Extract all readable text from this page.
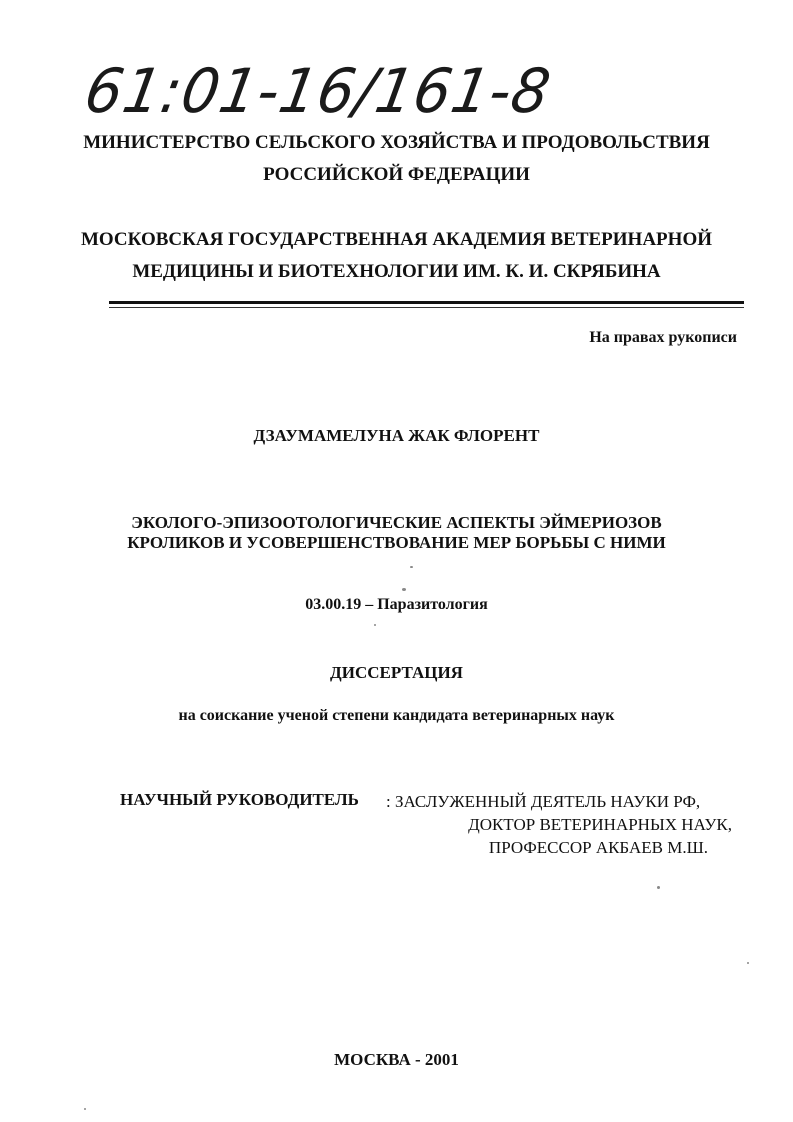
61:01-16/161-8
МИНИСТЕРСТВО СЕЛЬСКОГО ХОЗЯЙСТВА И ПРОДОВОЛЬСТВИЯ
РОССИЙСКОЙ ФЕДЕРАЦИИ
МОСКОВСКАЯ ГОСУДАРСТВЕННАЯ АКАДЕМИЯ ВЕТЕРИНАРНОЙ
МЕДИЦИНЫ И БИОТЕХНОЛОГИИ ИМ. К. И. СКРЯБИНА
На правах рукописи
ДЗАУМАМЕЛУНА ЖАК ФЛОРЕНТ
ЭКОЛОГО-ЭПИЗООТОЛОГИЧЕСКИЕ АСПЕКТЫ ЭЙМЕРИОЗОВ
КРОЛИКОВ И УСОВЕРШЕНСТВОВАНИЕ МЕР БОРЬБЫ С НИМИ
03.00.19 – Паразитология
ДИССЕРТАЦИЯ
на соискание ученой степени кандидата ветеринарных наук
НАУЧНЫЙ РУКОВОДИТЕЛЬ	: ЗАСЛУЖЕННЫЙ ДЕЯТЕЛЬ НАУКИ РФ,
ДОКТОР ВЕТЕРИНАРНЫХ НАУК,
ПРОФЕССОР АКБАЕВ М.Ш.
МОСКВА - 2001
